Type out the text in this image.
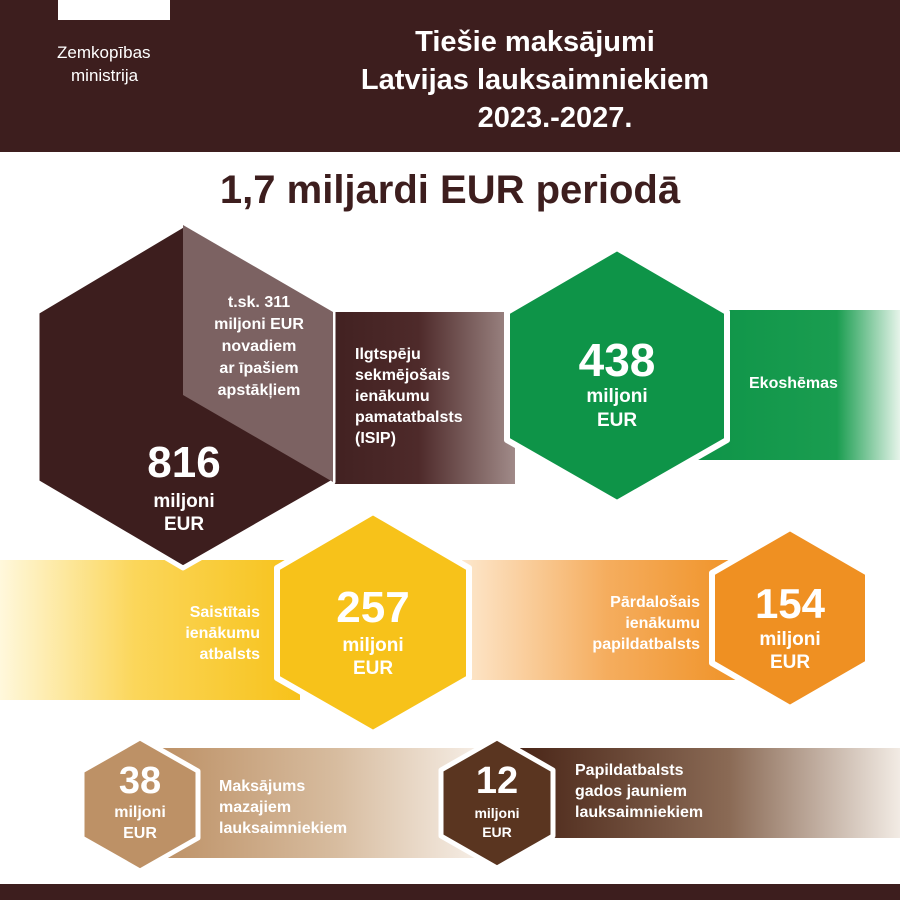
Zemkopības
ministrija
Tiešie maksājumi
Latvijas lauksaimniekiem
2023.-2027.
1,7 miljardi EUR periodā
t.sk. 311
miljoni EUR
novadiem
ar īpašiem
apstākļiem
816
miljoni
EUR
Ilgtspēju
sekmējošais
ienākumu
pamatatbalsts
(ISIP)
438
miljoni
EUR
Ekoshēmas
Saistītais
ienākumu
atbalsts
257
miljoni
EUR
Pārdalošais
ienākumu
papildatbalsts
154
miljoni
EUR
38
miljoni
EUR
Maksājums
mazajiem
lauksaimniekiem
12
miljoni
EUR
Papildatbalsts
gados jauniem
lauksaimniekiem
